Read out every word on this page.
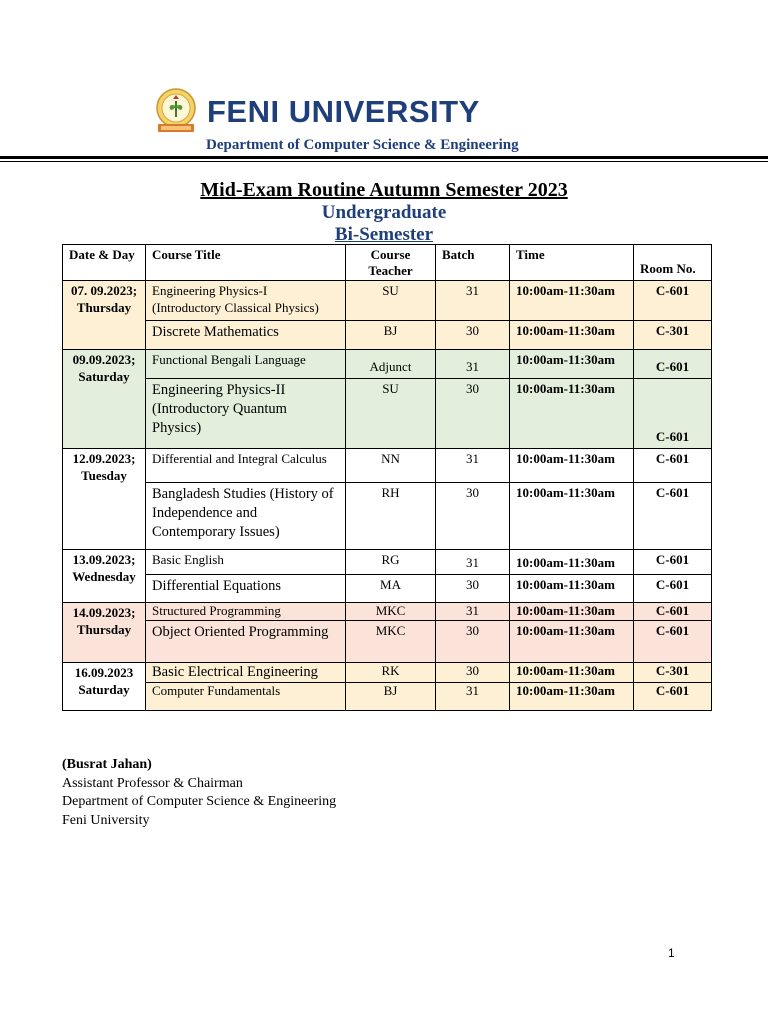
FENI UNIVERSITY
Department of Computer Science & Engineering
Mid-Exam Routine Autumn Semester 2023
Undergraduate
Bi-Semester
Date & Day	Course Title	Course Teacher	Batch	Time	Room No.

07. 09.2023;
Thursday	Engineering Physics-I (Introductory Classical Physics)	SU	31	10:00am-11:30am	C-601
	Discrete Mathematics	BJ	30	10:00am-11:30am	C-301

09.09.2023;
Saturday	Functional Bengali Language	Adjunct	31	10:00am-11:30am	C-601
	Engineering Physics-II (Introductory Quantum Physics)	SU	30	10:00am-11:30am	C-601

12.09.2023;
Tuesday	Differential and Integral Calculus	NN	31	10:00am-11:30am	C-601
	Bangladesh Studies (History of Independence and Contemporary Issues)	RH	30	10:00am-11:30am	C-601

13.09.2023;
Wednesday	Basic English	RG	31	10:00am-11:30am	C-601
	Differential Equations	MA	30	10:00am-11:30am	C-601

14.09.2023;
Thursday	Structured Programming	MKC	31	10:00am-11:30am	C-601
	Object Oriented Programming	MKC	30	10:00am-11:30am	C-601

16.09.2023
Saturday	Basic Electrical Engineering	RK	30	10:00am-11:30am	C-301
	Computer Fundamentals	BJ	31	10:00am-11:30am	C-601
(Busrat Jahan)
Assistant Professor & Chairman
Department of Computer Science & Engineering
Feni University
1
